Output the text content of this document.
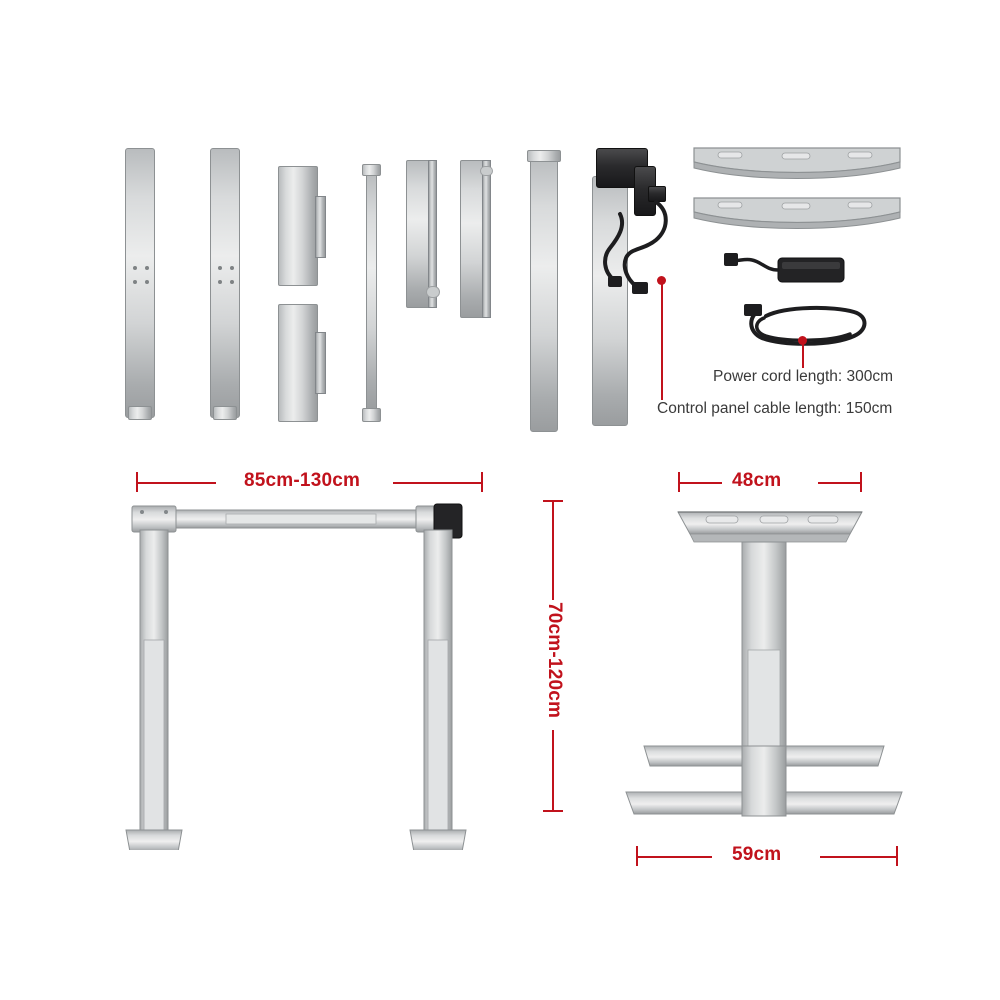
Control panel cable length: 150cm
Power cord length: 300cm
85cm-130cm
70cm-120cm
48cm
59cm
